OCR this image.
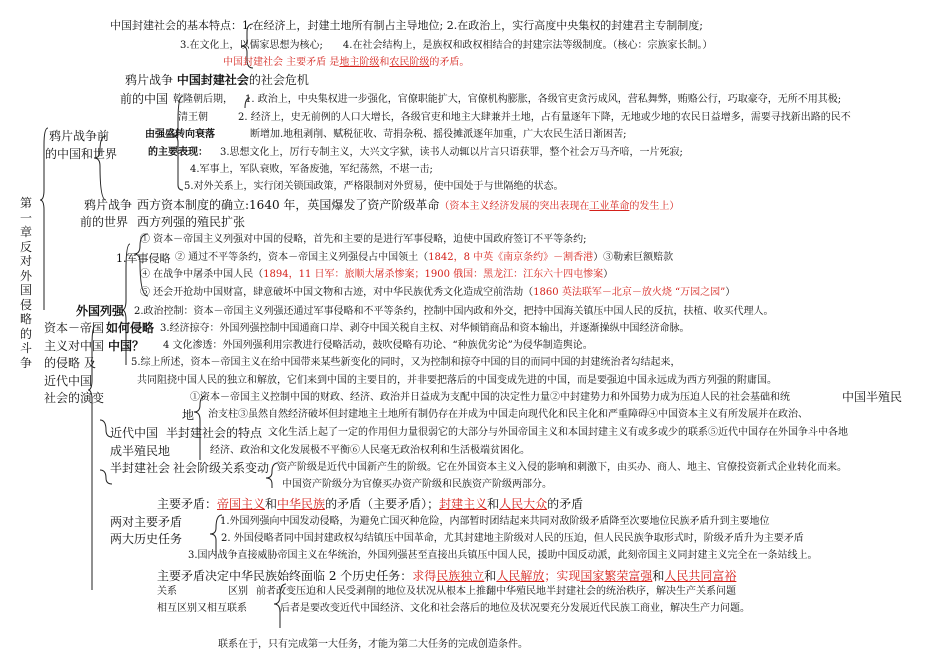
第一章反对外国侵略的斗争
中国封建社会的基本特点：1.在经济上，封建土地所有制占主导地位; 2.在政治上，实行高度中央集权的封建君主专制制度;
3.在文化上，以儒家思想为核心;　　4.在社会结构上，是族权和政权相结合的封建宗法等级制度。（核心：宗族家长制。）
中国封建社会 主要矛盾 是地主阶级和农民阶级的矛盾。
鸦片战争 中国封建社会的社会危机
前的中国 乾隆朝后期， 1. 政治上，中央集权进一步强化，官僚职能扩大，官僚机构膨胀，各级官吏贪污成风，营私舞弊，贿赂公行，巧取豪夺，无所不用其极;
清王朝	2. 经济上，史无前例的人口大增长，各级官吏和地主大肆兼并土地，占有量逐年下降，无地或少地的农民日益增多，需要寻找新出路的民不
鸦片战争前	由强盛转向衰落	断增加.地租剥削、赋税征收、苛捐杂税、摇役摊派逐年加重，广大农民生活日渐困苦;
的中国和世界	的主要表现： 3.思想文化上，厉行专制主义，大兴文字狱，读书人动辄以片言只语获罪，整个社会万马齐喑，一片死寂;
4.军事上，军队衰败，军备废弛，军纪荡然，不堪一击;
5.对外关系上，实行闭关锁国政策，严格限制对外贸易，使中国处于与世隔绝的状态。
鸦片战争 西方资本制度的确立:1640 年，英国爆发了资产阶级革命（资本主义经济发展的突出表现在工业革命的发生上）
前的世界 西方列强的殖民扩张
① 资本－帝国主义列强对中国的侵略，首先和主要的是进行军事侵略，迫使中国政府签订不平等条约;
1.军事侵略 ② 通过不平等条约，资本－帝国主义列强侵占中国领土（1842，8 中英《南京条约》－割香港）③勒索巨额赔款
④ 在战争中屠杀中国人民（1894，11 日军：旅顺大屠杀惨案；1900 俄国：黑龙江：江东六十四屯惨案）
⑤ 还会开抢劫中国财富，肆意破坏中国文物和古迹，对中华民族优秀文化造成空前浩劫（1860 英法联军－北京－放火烧 “万园之园”）
外国列强 2.政治控制：资本－帝国主义列强还通过军事侵略和不平等条约，控制中国内政和外交，把持中国海关镇压中国人民的反抗，扶植、收买代理人。
资本－帝国 如何侵略 3.经济掠夺：外国列强控制中国通商口岸、剥夺中国关税自主权、对华倾销商品和资本输出，并逐渐操纵中国经济命脉。
主义对中国 中国？ 4 文化渗透：外国列强利用宗教进行侵略活动，鼓吹侵略有功论、“种族优劣论”为侵华制造舆论。
的侵略 及	5.综上所述，资本－帝国主义在给中国带来某些新变化的同时，又为控制和掠夺中国的目的而同中国的封建统治者勾结起来，
近代中国	共同阻挠中国人民的独立和解放，它们来到中国的主要目的，并非要把落后的中国变成先进的中国，而是要强迫中国永远成为西方列强的附庸国。
社会的演变	①资本－帝国主义控制中国的财政、经济、政治并日益成为支配中国的决定性力量②中封建势力和外国势力成为压迫人民的社会基础和统	中国半殖民
地 治支柱③虽然自然经济破坏但封建地主土地所有制仍存在并成为中国走向现代化和民主化和严重障碍④中国资本主义有所发展并在政治、
近代中国 半封建社会的特点 文化生活上起了一定的作用但力量很弱它的大部分与外国帝国主义和本国封建主义有或多或少的联系⑤近代中国存在外国争斗中各地
成半殖民地	经济、政治和文化发展极不平衡⑥人民毫无政治权利和生活极端贫困化。
半封建社会 社会阶级关系变动 资产阶级是近代中国新产生的阶级。它在外国资本主义入侵的影响和刺激下，由买办、商人、地主、官僚投资新式企业转化而来。
中国资产阶级分为官僚买办资产阶级和民族资产阶级两部分。
主要矛盾：帝国主义和中华民族的矛盾（主要矛盾）；封建主义和人民大众的矛盾
两对主要矛盾	1.外国列强向中国发动侵略，为避免亡国灭种危险，内部暂时团结起来共同对敌阶级矛盾降至次要地位民族矛盾升到主要地位
两大历史任务	2. 外国侵略者同中国封建政权勾结镇压中国革命，尤其封建地主阶级对人民的压迫，但人民民族争取形式时，阶级矛盾升为主要矛盾
3.国内战争直接威胁帝国主义在华统治，外国列强甚至直接出兵镇压中国人民，援助中国反动派，此刻帝国主义同封建主义完全在一条站线上。
主要矛盾决定中华民族始终面临 2 个历史任务：求得民族独立和人民解放；实现国家繁荣富强和人民共同富裕
关系	区别 前者改变压迫和人民受剥削的地位及状况从根本上推翻中华殖民地半封建社会的统治秩序，解决生产关系问题
相互区别又相互联系	后者是要改变近代中国经济、文化和社会落后的地位及状况要充分发展近代民族工商业，解决生产力问题。
联系在于，只有完成第一大任务，才能为第二大任务的完成创造条件。
